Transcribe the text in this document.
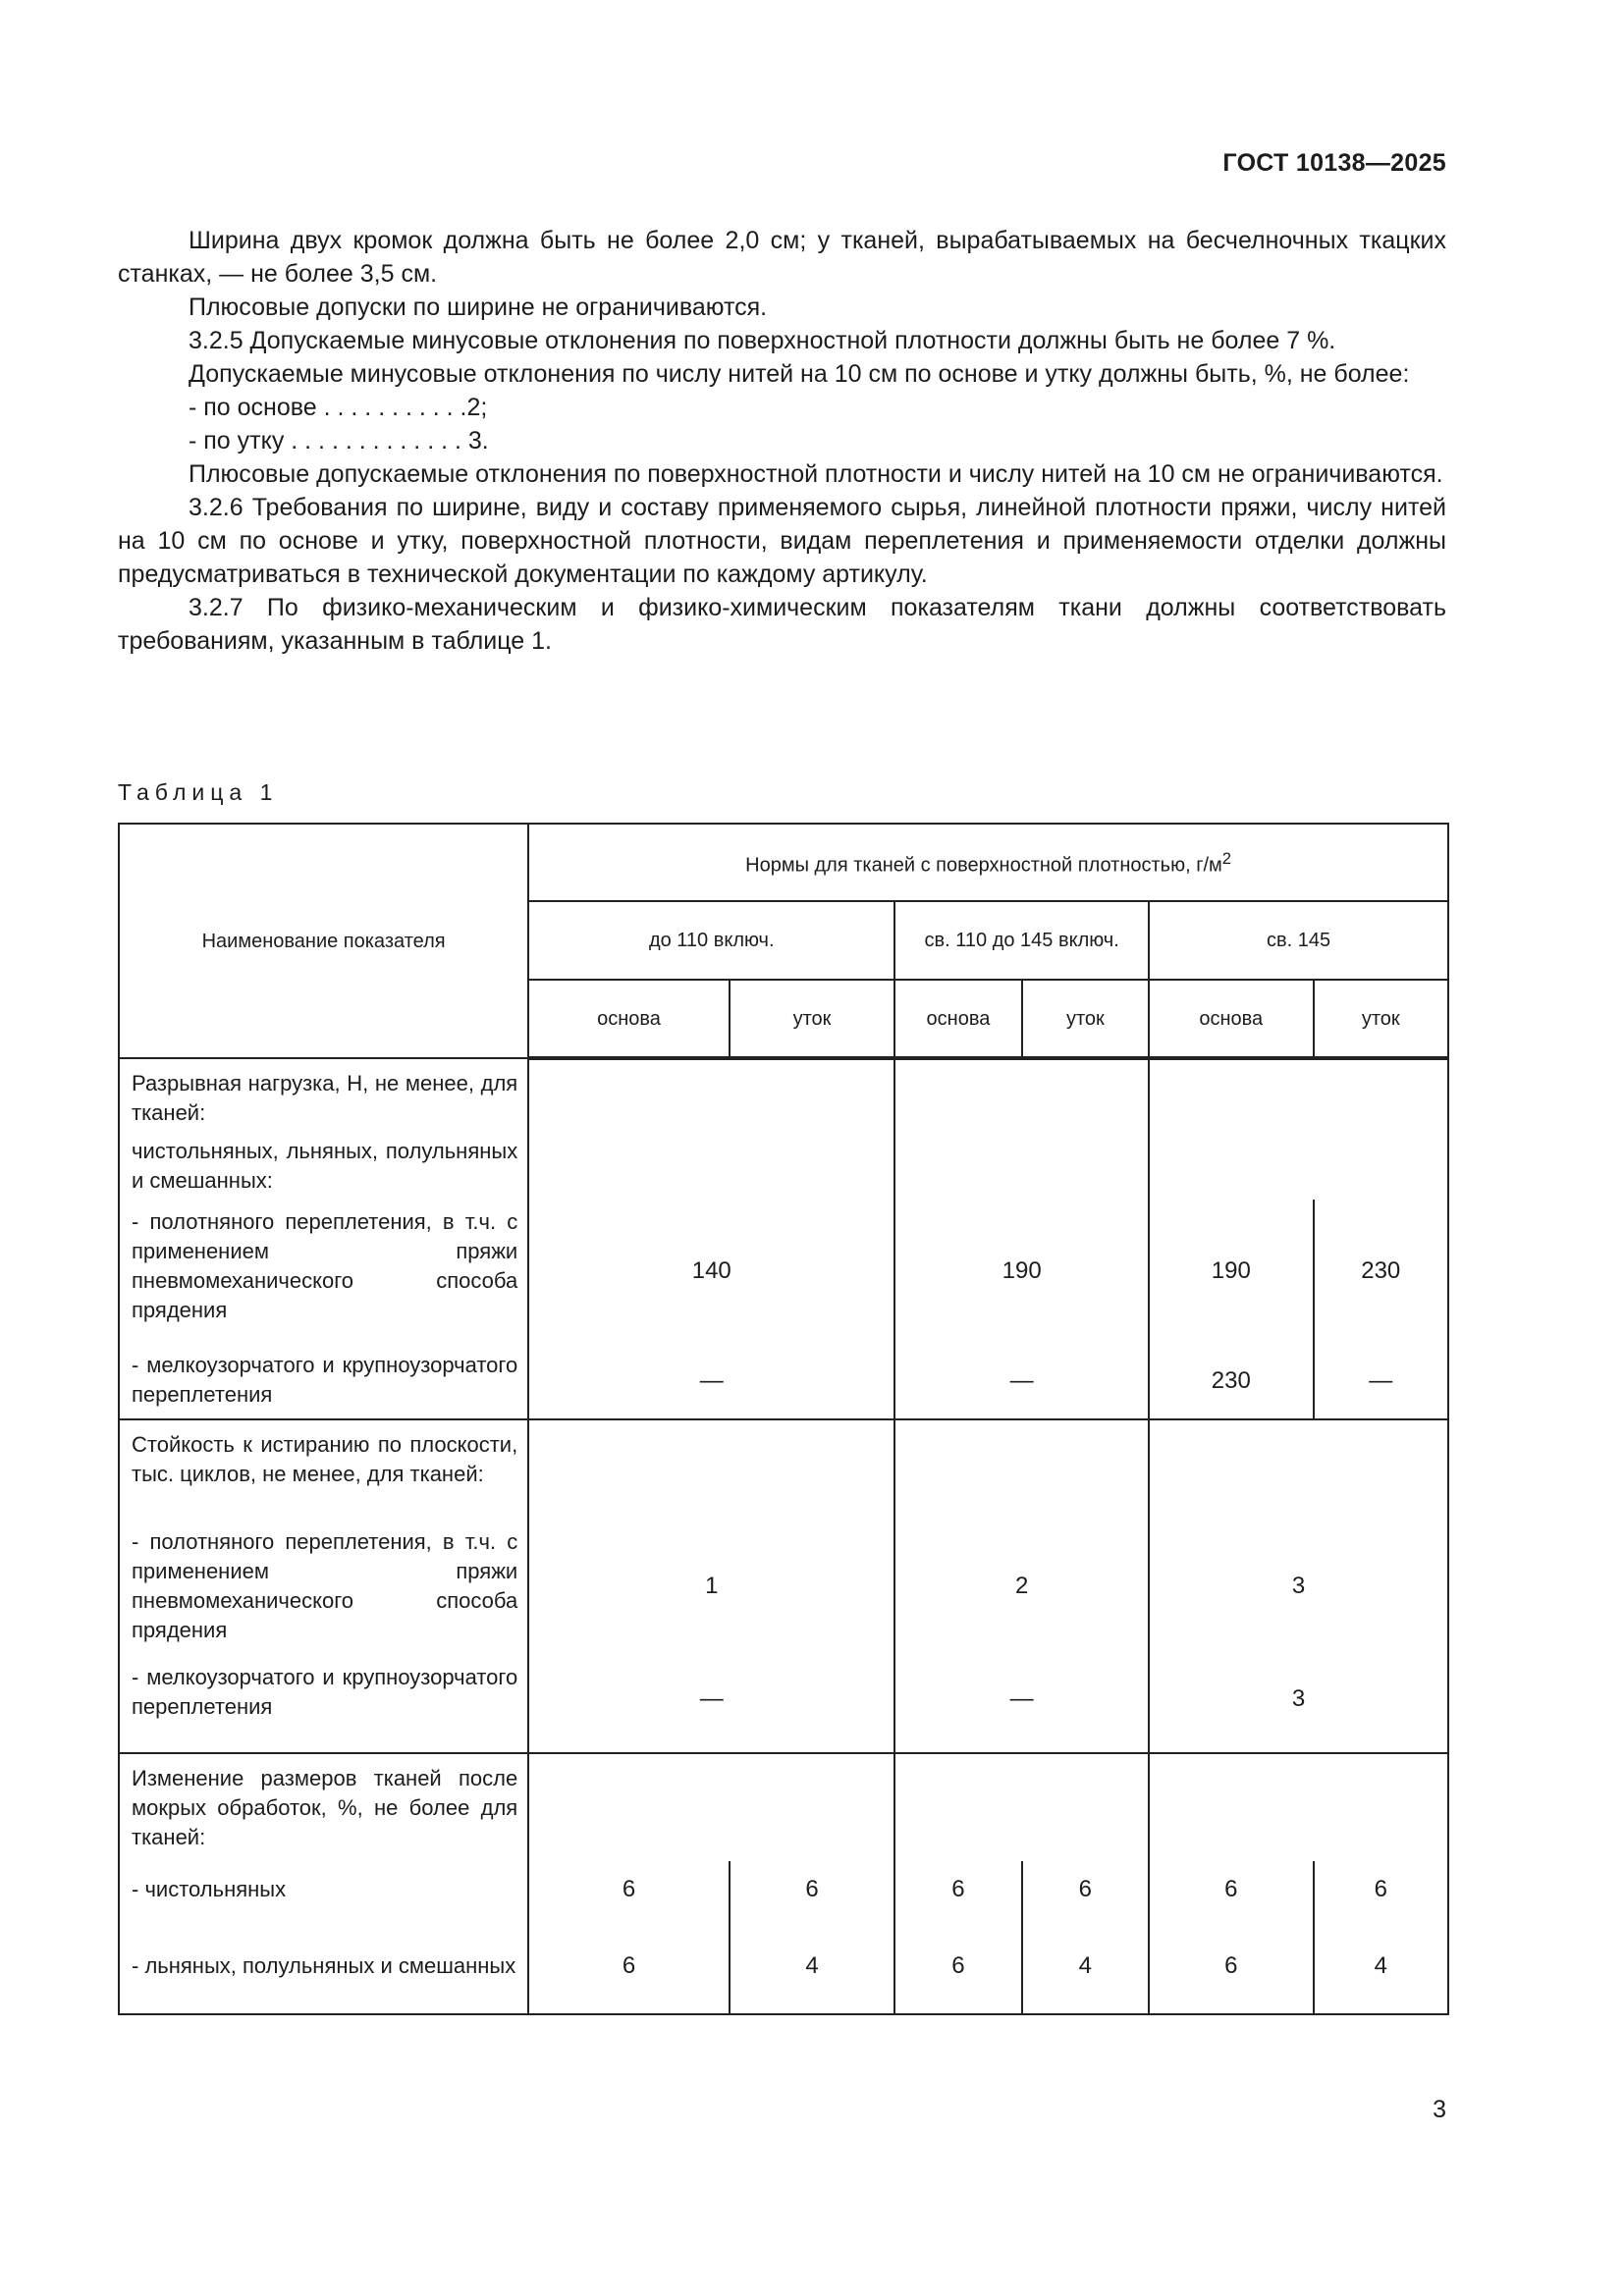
ГОСТ 10138—2025

Ширина двух кромок должна быть не более 2,0 см; у тканей, вырабатываемых на бесчелночных ткацких станках, — не более 3,5 см.

Плюсовые допуски по ширине не ограничиваются.

3.2.5 Допускаемые минусовые отклонения по поверхностной плотности должны быть не более 7 %.

Допускаемые минусовые отклонения по числу нитей на 10 см по основе и утку должны быть, %, не более:

- по основе . . . . . . . . . . .2;

- по утку . . . . . . . . . . . . . 3.

Плюсовые допускаемые отклонения по поверхностной плотности и числу нитей на 10 см не ограничиваются.

3.2.6 Требования по ширине, виду и составу применяемого сырья, линейной плотности пряжи, числу нитей на 10 см по основе и утку, поверхностной плотности, видам переплетения и применяемости отделки должны предусматриваться в технической документации по каждому артикулу.

3.2.7 По физико-механическим и физико-химическим показателям ткани должны соответствовать требованиям, указанным в таблице 1.

Таблица 1
Наименование показателя	Нормы для тканей с поверхностной плотностью, $г/м^2$
	до 110 включ.		св. 110 до 145 включ.		св. 145	
	основа	уток	основа	уток	основа	уток
Разрывная нагрузка, Н, не менее, для тканей:						
чистольняных, льняных, полульняных и смешанных:						
- полотняного переплетения, в т.ч. с применением пряжи пневмомеханического способа прядения	140		190		190	230
- мелкоузорчатого и крупноузорчатого переплетения	—		—		230	—
Стойкость к истиранию по плоскости, тыс. циклов, не менее, для тканей:						
- полотняного переплетения, в т.ч. с применением пряжи пневмомеханического способа прядения	1		2		3	
- мелкоузорчатого и крупноузорчатого переплетения	—		—		3	
Изменение размеров тканей после мокрых обработок, %, не более для тканей:						
- чистольняных	6	6	6	6	6	6
- льняных, полульняных и смешанных	6	4	6	4	6	4
3
